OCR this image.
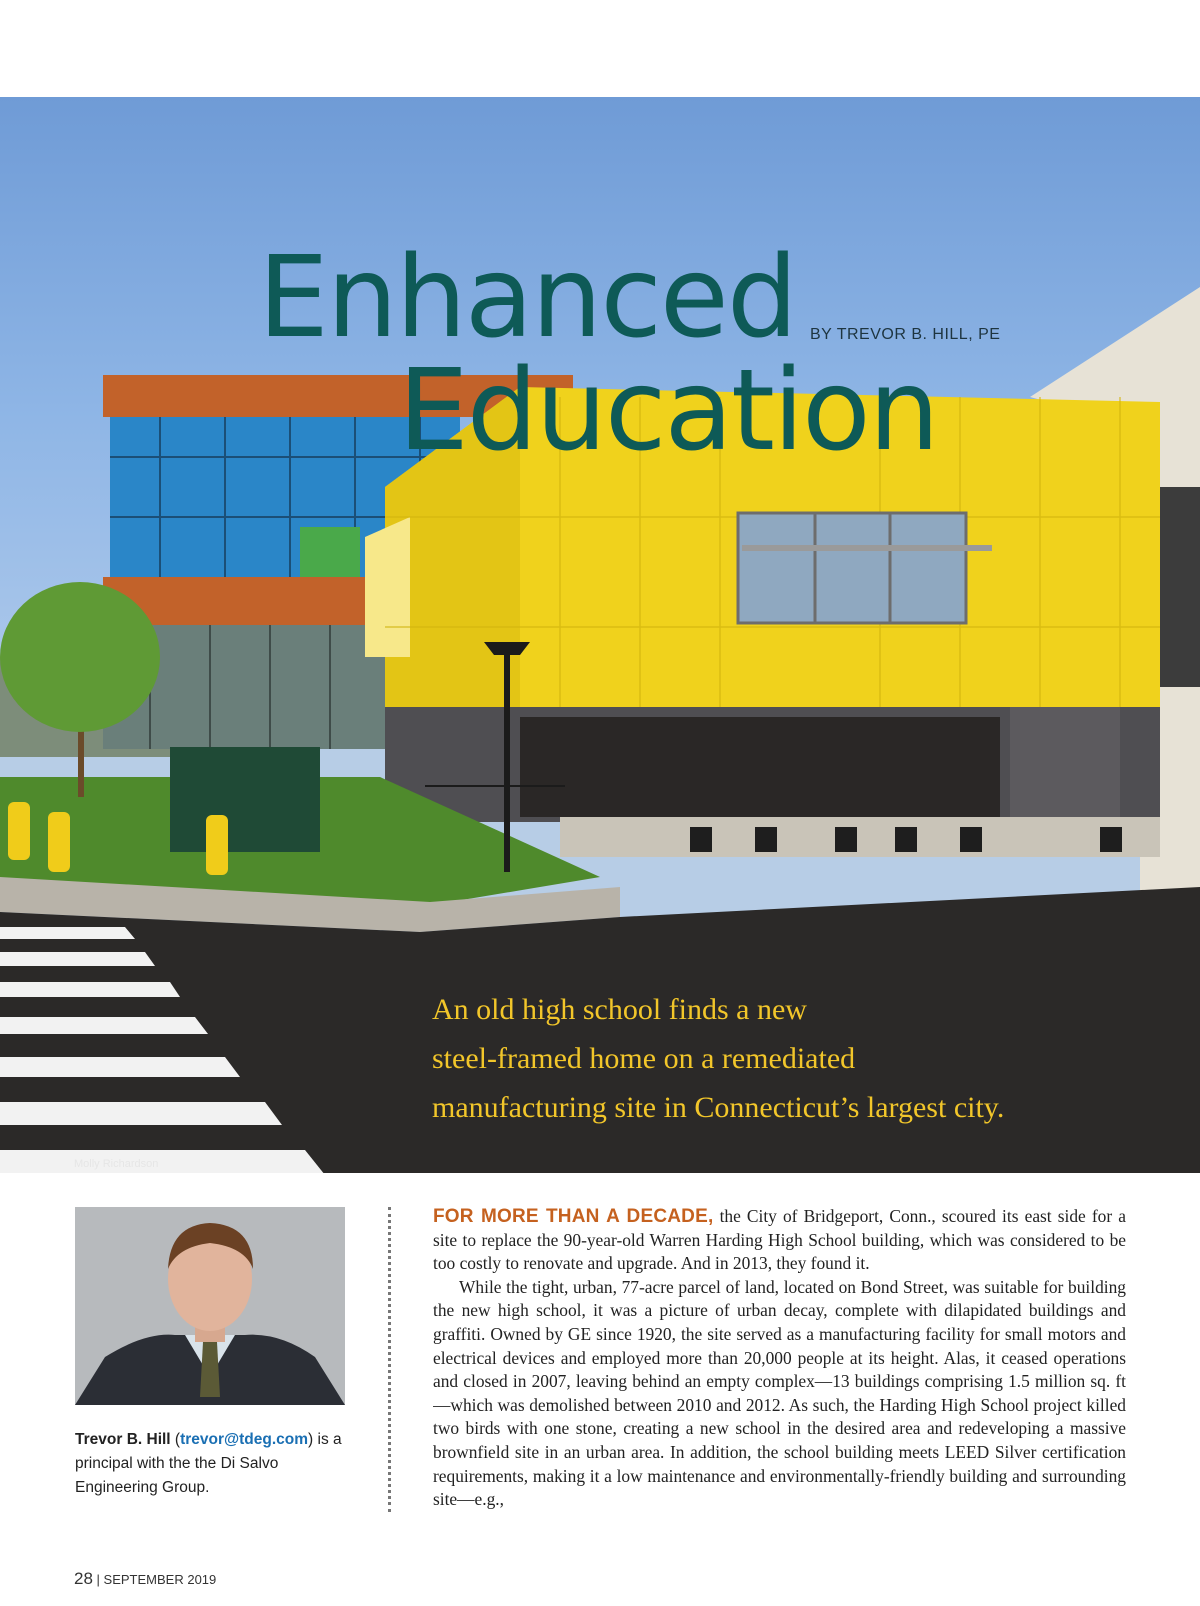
Enhanced
Education
BY TREVOR B. HILL, PE
An old high school finds a new
steel-framed home on a remediated
manufacturing site in Connecticut’s largest city.
Molly Richardson
Trevor B. Hill (trevor@tdeg.com) is a principal with the the Di Salvo Engineering Group.

FOR MORE THAN A DECADE, the City of Bridgeport, Conn., scoured its east side for a site to replace the 90-year-old Warren Harding High School building, which was considered to be too costly to renovate and upgrade. And in 2013, they found it.

While the tight, urban, 77-acre parcel of land, located on Bond Street, was suitable for building the new high school, it was a picture of urban decay, complete with dilapidated buildings and graffiti. Owned by GE since 1920, the site served as a manufacturing facility for small motors and electrical devices and employed more than 20,000 people at its height. Alas, it ceased operations and closed in 2007, leaving behind an empty complex—13 buildings comprising 1.5 million sq. ft—which was demolished between 2010 and 2012. As such, the Harding High School project killed two birds with one stone, creating a new school in the desired area and redeveloping a massive brownfield site in an urban area. In addition, the school building meets LEED Silver certification requirements, making it a low maintenance and environmentally-friendly building and surrounding site—e.g.,

28 | SEPTEMBER 2019
